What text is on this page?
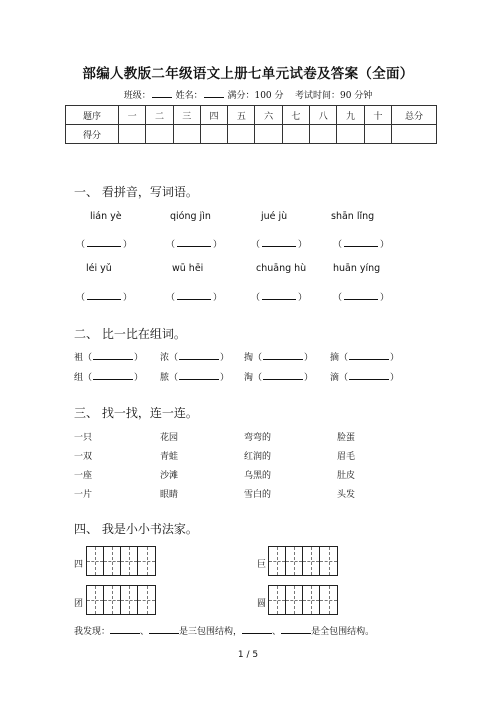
部编人教版二年级语文上册七单元试卷及答案（全面）
班级：	姓名：	满分：100 分 考试时间：90 分钟
题序	一	二	三	四	五	六	七	八	九	十	总分
得分											
一、 看拼音，写词语。
lián yè	qióng jìn	jué jù	shān lǐng
（	）	（	）	（	）	（	）
léi yǔ	wū hēi	chuāng hù	huān yíng
（	）	（	）	（	）	（	）
二、 比一比在组词。
袓（	） 浓（	） 掏（	） 摘（	）
组（	） 脓（	） 淘（	） 滴（	）
三、 找一找，连一连。
一只	花园	弯弯的	脸蛋
一双	青蛙	红润的	眉毛
一座	沙滩	乌黑的	肚皮
一片	眼睛	雪白的	头发
四、 我是小小书法家。
四	巨
团	圆
我发现：	、	是三包围结构，	、	是全包围结构。
1 / 5
